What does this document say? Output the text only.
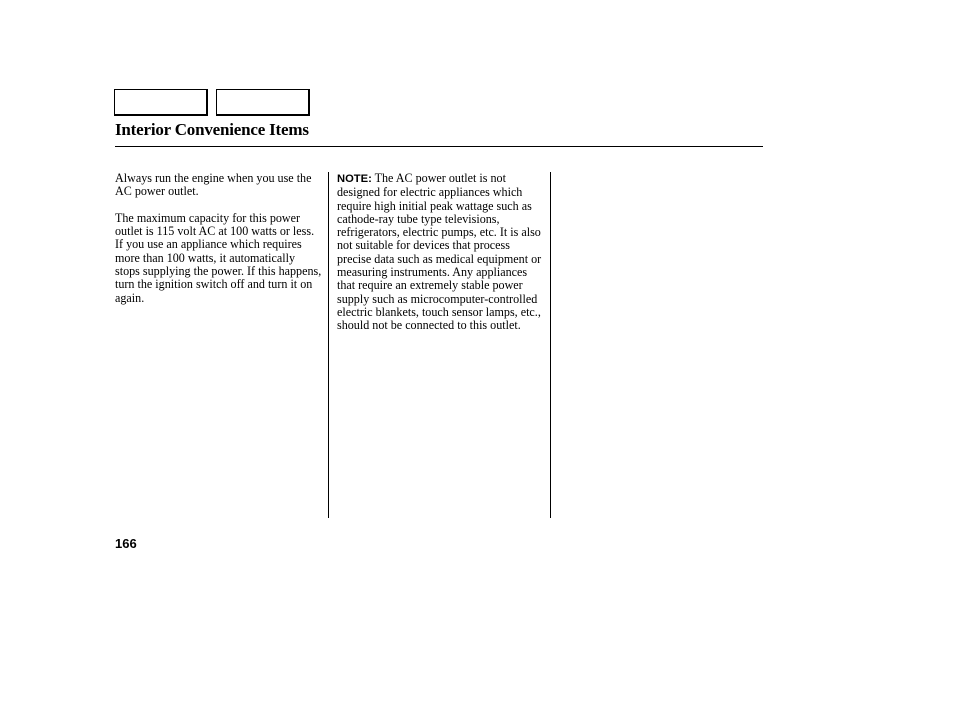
Interior Convenience Items

Always run the engine when you use the AC power outlet.

The maximum capacity for this power outlet is 115 volt AC at 100 watts or less. If you use an appliance which requires more than 100 watts, it automatically stops supplying the power. If this happens, turn the ignition switch off and turn it on again.

NOTE: The AC power outlet is not designed for electric appliances which require high initial peak wattage such as cathode-ray tube type televisions, refrigerators, electric pumps, etc. It is also not suitable for devices that process precise data such as medical equipment or measuring instruments. Any appliances that require an extremely stable power supply such as microcomputer-controlled electric blankets, touch sensor lamps, etc., should not be connected to this outlet.

166
